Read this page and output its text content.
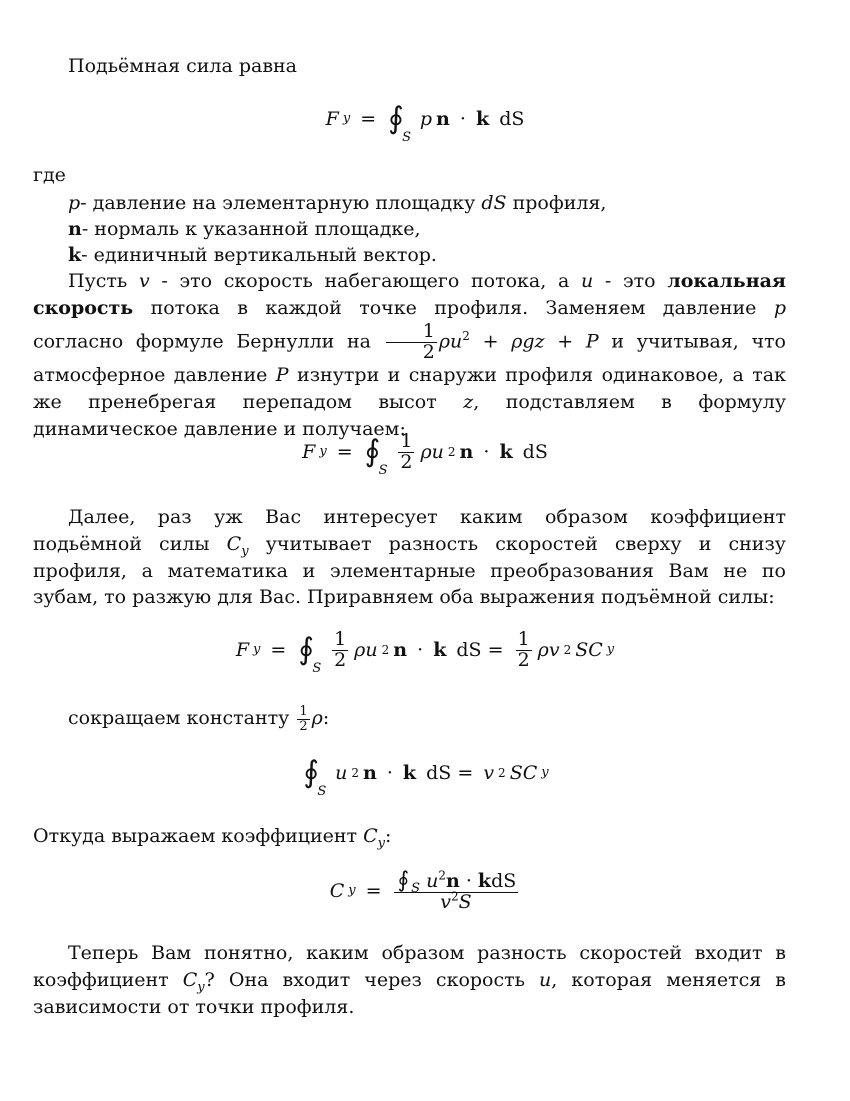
Подьёмная сила равна
F y = ∮
S

p n · k dS
где
p- давление на элементарную площадку dS профиля,
n- нормаль к указанной площадке,
k- единичный вертикальный вектор.
Пусть v - это скорость набегающего потока, а u - это локальная скорость потока в каждой точке профиля. Заменяем давление p согласно формуле Бернулли на $\frac{1}{2} \rho u^2 + \rho gz + P$ и учитывая, что атмосферное давление P изнутри и снаружи профиля одинаковое, а так же пренебрегая перепадом высот z, подставляем в формулу динамическое давление и получаем:
F y = ∮
S
$\frac{1}{2}$ ρu 2 n · k dS
Далее, раз уж Вас интересует каким образом коэффициент подьёмной силы $C_y$ учитывает разность скоростей сверху и снизу профиля, а математика и элементарные преобразования Вам не по зубам, то разжую для Вас. Приравняем оба выражения подъёмной силы:
F y = ∮
S
$\frac{1}{2}$ ρu 2 n · k dS = $\frac{1}{2}$ ρv 2 SC y
сокращаем константу $\frac{1}{2} \rho$:
∮
S

u 2 n · k dS = v 2 SC y
Откуда выражаем коэффициент $C_y$:
C $y = \frac{∮ _S u^2n \cdot kdS}{v^2S}$
Теперь Вам понятно, каким образом разность скоростей входит в коэффициент $C_y$? Она входит через скорость u, которая меняется в зависимости от точки профиля.
